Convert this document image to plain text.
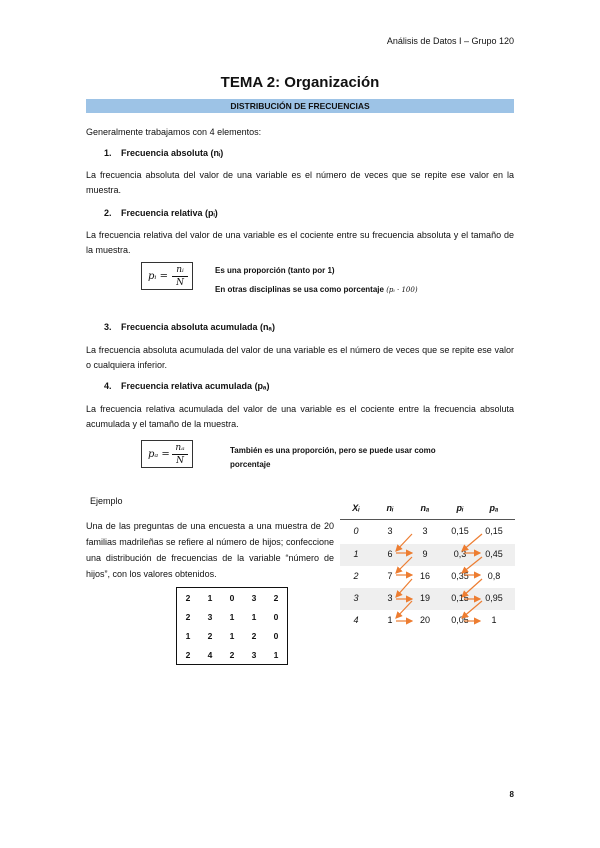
Análisis de Datos I – Grupo 120
TEMA 2: Organización
DISTRIBUCIÓN DE FRECUENCIAS
Generalmente trabajamos con 4 elementos:
1. Frecuencia absoluta (nᵢ)
La frecuencia absoluta del valor de una variable es el número de veces que se repite ese valor en la muestra.
2. Frecuencia relativa (pᵢ)
La frecuencia relativa del valor de una variable es el cociente entre su frecuencia absoluta y el tamaño de la muestra.
pᵢ =
nᵢ
N
Es una proporción (tanto por 1)
En otras disciplinas se usa como porcentaje (pᵢ · 100)
3. Frecuencia absoluta acumulada (nₐ)
La frecuencia absoluta acumulada del valor de una variable es el número de veces que se repite ese valor o cualquiera inferior.
4. Frecuencia relativa acumulada (pₐ)
La frecuencia relativa acumulada del valor de una variable es el cociente entre la frecuencia absoluta acumulada y el tamaño de la muestra.
pₐ =
nₐ
N
También es una proporción, pero se puede usar como
porcentaje
Ejemplo
Una de las preguntas de una encuesta a una muestra de 20 familias madrileñas se refiere al número de hijos; confeccione una distribución de frecuencias de la variable “número de hijos”, con los valores obtenidos.
2	1	0	3	2
2	3	1	1	0
1	2	1	2	0
2	4	2	3	1
Xᵢ	nᵢ	nₐ	pᵢ	pₐ
0	3	3	0,15	0,15
1	6	9	0,3	0,45
2	7	16	0,35	0,8
3	3	19	0,15	0,95
4	1	20	0,05	1
8
